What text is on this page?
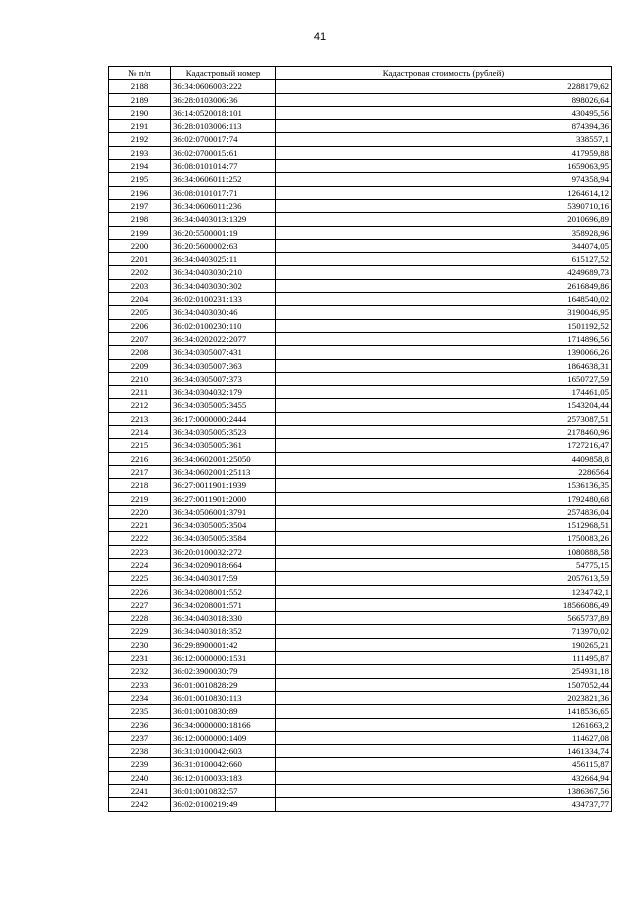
41
№ п/п	Кадастровый номер	Кадастровая стоимость (рублей)
2188	36:34:0606003:222	2288179,62
2189	36:28:0103006:36	898026,64
2190	36:14:0520018:101	430495,56
2191	36:28:0103006:113	874394,36
2192	36:02:0700017:74	338557,1
2193	36:02:0700015:61	417959,88
2194	36:08:0101014:77	1659063,95
2195	36:34:0606011:252	974358,94
2196	36:08:0101017:71	1264614,12
2197	36:34:0606011:236	5390710,16
2198	36:34:0403013:1329	2010696,89
2199	36:20:5500001:19	358928,96
2200	36:20:5600002:63	344074,05
2201	36:34:0403025:11	615127,52
2202	36:34:0403030:210	4249689,73
2203	36:34:0403030:302	2616849,86
2204	36:02:0100231:133	1648540,02
2205	36:34:0403030:46	3190046,95
2206	36:02:0100230:110	1501192,52
2207	36:34:0202022:2077	1714896,56
2208	36:34:0305007:431	1390066,26
2209	36:34:0305007:363	1864638,31
2210	36:34:0305007:373	1650727,59
2211	36:34:0304032:179	174461,05
2212	36:34:0305005:3455	1543204,44
2213	36:17:0000000:2444	2573087,51
2214	36:34:0305005:3523	2178460,96
2215	36:34:0305005:361	1727216,47
2216	36:34:0602001:25050	4409858,8
2217	36:34:0602001:25113	2286564
2218	36:27:0011901:1939	1536136,35
2219	36:27:0011901:2000	1792480,68
2220	36:34:0506001:3791	2574836,04
2221	36:34:0305005:3504	1512968,51
2222	36:34:0305005:3584	1750083,26
2223	36:20:0100032:272	1080888,58
2224	36:34:0209018:664	54775,15
2225	36:34:0403017:59	2057613,59
2226	36:34:0208001:552	1234742,1
2227	36:34:0208001:571	18566086,49
2228	36:34:0403018:330	5665737,89
2229	36:34:0403018:352	713970,02
2230	36:29:8900001:42	190265,21
2231	36:12:0000000:1531	111495,87
2232	36:02:3900030:79	254931,18
2233	36:01:0010828:29	1507052,44
2234	36:01:0010830:113	2023821,36
2235	36:01:0010830:89	1418536,65
2236	36:34:0000000:18166	1261663,2
2237	36:12:0000000:1409	114627,08
2238	36:31:0100042:603	1461334,74
2239	36:31:0100042:660	456115,87
2240	36:12:0100033:183	432664,94
2241	36:01:0010832:57	1386367,56
2242	36:02:0100219:49	434737,77
